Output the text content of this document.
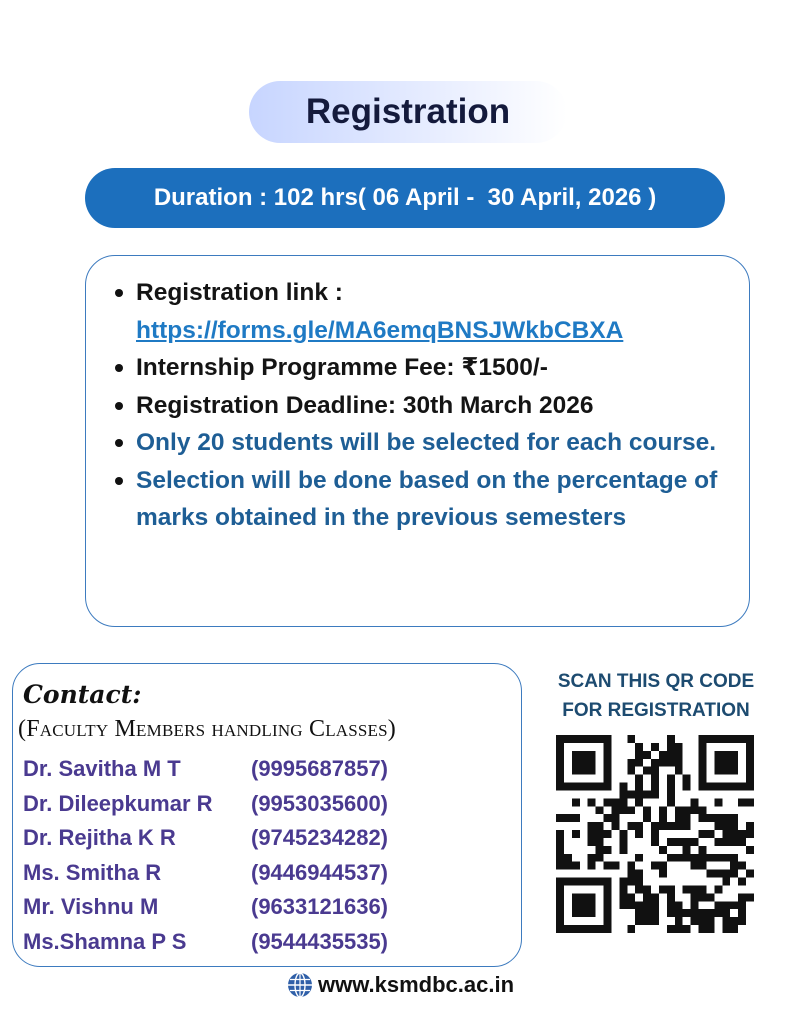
Registration
Duration : 102 hrs( 06 April -  30 April, 2026 )
Registration link :
https://forms.gle/MA6emqBNSJWkbCBXA
Internship Programme Fee: ₹1500/-
Registration Deadline: 30th March 2026
Only 20 students will be selected for each course.
Selection will be done based on the percentage of marks obtained in the previous semesters
Contact:
(Faculty Members handling Classes)
Dr. Savitha M T	(9995687857)
Dr. Dileepkumar R	(9953035600)
Dr. Rejitha K R	(9745234282)
Ms. Smitha R	(9446944537)
Mr. Vishnu M	(9633121636)
Ms.Shamna P S	(9544435535)
SCAN THIS QR CODE
FOR REGISTRATION
www.ksmdbc.ac.in
